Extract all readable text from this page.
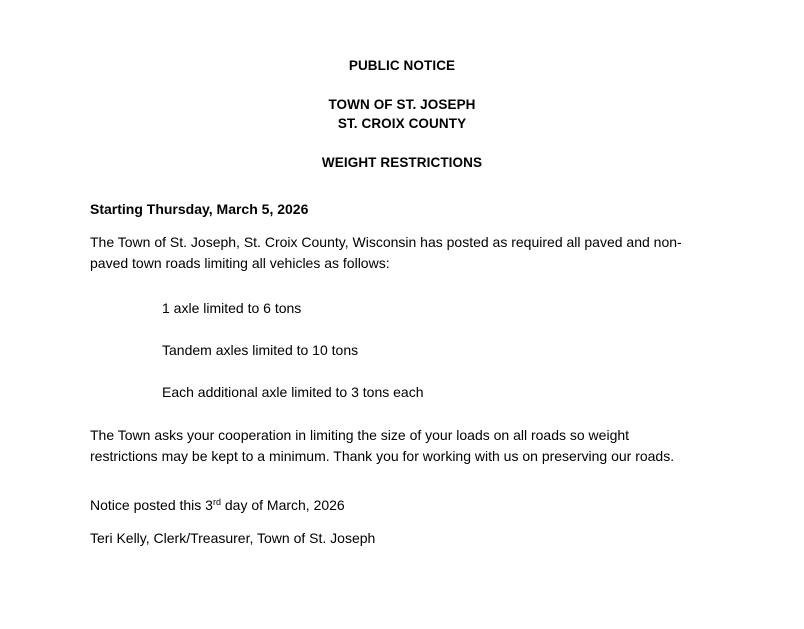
PUBLIC NOTICE
TOWN OF ST. JOSEPH
ST. CROIX COUNTY
WEIGHT RESTRICTIONS
Starting Thursday, March 5, 2026
The Town of St. Joseph, St. Croix County, Wisconsin has posted as required all paved and non-
paved town roads limiting all vehicles as follows:
1 axle limited to 6 tons
Tandem axles limited to 10 tons
Each additional axle limited to 3 tons each
The Town asks your cooperation in limiting the size of your loads on all roads so weight
restrictions may be kept to a minimum. Thank you for working with us on preserving our roads.
Notice posted this 3rd day of March, 2026
Teri Kelly, Clerk/Treasurer, Town of St. Joseph
